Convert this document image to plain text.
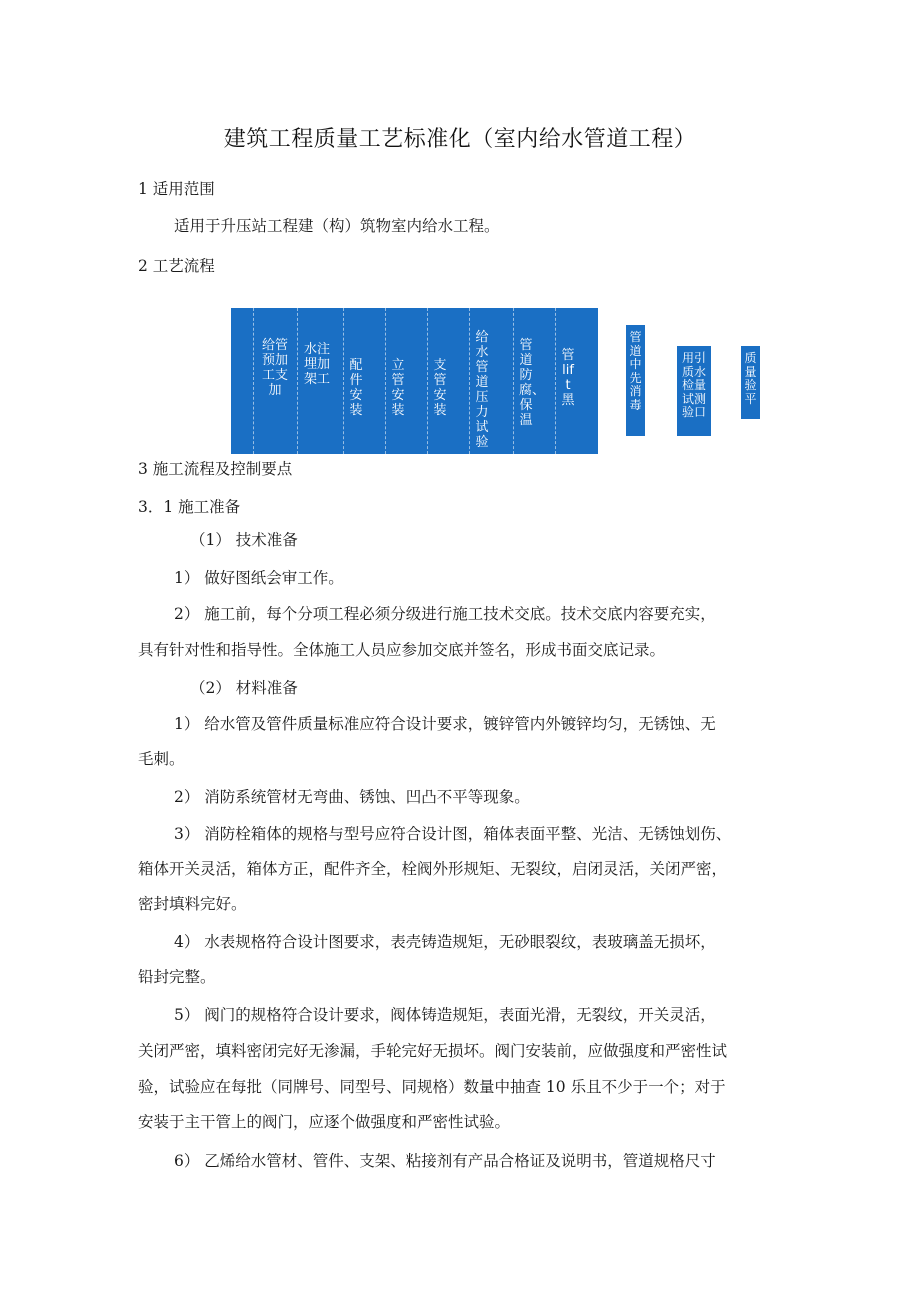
建筑工程质量工艺标准化（室内给水管道工程）
1 适用范围
适用于升压站工程建（构）筑物室内给水工程。
2 工艺流程
给管预加工支加
水注埋加架工
配件安装
立管安装
支管安装
给水管道压力试验
管道防腐、保温
管lift黑
管道中先消毒
用引质水检量试测验口
质量验平
3 施工流程及控制要点
3．1 施工准备
（1） 技术准备
1） 做好图纸会审工作。
2） 施工前，每个分项工程必须分级进行施工技术交底。技术交底内容要充实，
具有针对性和指导性。全体施工人员应参加交底并签名，形成书面交底记录。
（2） 材料准备
1） 给水管及管件质量标准应符合设计要求，镀锌管内外镀锌均匀，无锈蚀、无
毛刺。
2） 消防系统管材无弯曲、锈蚀、凹凸不平等现象。
3） 消防栓箱体的规格与型号应符合设计图，箱体表面平整、光洁、无锈蚀划伤、
箱体开关灵活，箱体方正，配件齐全，栓阀外形规矩、无裂纹，启闭灵活，关闭严密，
密封填料完好。
4） 水表规格符合设计图要求，表壳铸造规矩，无砂眼裂纹，表玻璃盖无损坏，
铅封完整。
5） 阀门的规格符合设计要求，阀体铸造规矩，表面光滑，无裂纹，开关灵活，
关闭严密，填料密闭完好无渗漏，手轮完好无损坏。阀门安装前，应做强度和严密性试
验，试验应在每批（同牌号、同型号、同规格）数量中抽查 10 乐且不少于一个；对于
安装于主干管上的阀门，应逐个做强度和严密性试验。
6） 乙烯给水管材、管件、支架、粘接剂有产品合格证及说明书，管道规格尺寸
